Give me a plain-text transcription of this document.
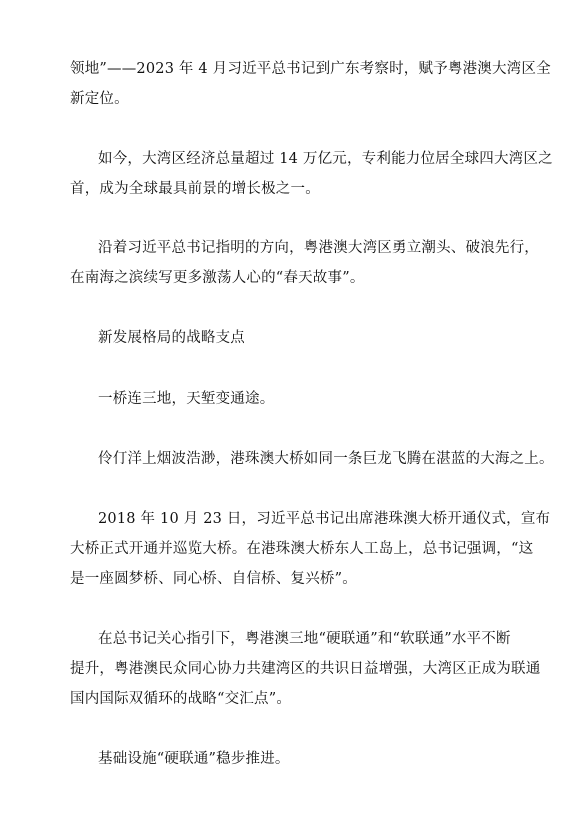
领地”——2023 年 4 月习近平总书记到广东考察时，赋予粤港澳大湾区全
新定位。
如今，大湾区经济总量超过 14 万亿元，专利能力位居全球四大湾区之
首，成为全球最具前景的增长极之一。
沿着习近平总书记指明的方向，粤港澳大湾区勇立潮头、破浪先行，
在南海之滨续写更多激荡人心的“春天故事”。
新发展格局的战略支点
一桥连三地，天堑变通途。
伶仃洋上烟波浩渺，港珠澳大桥如同一条巨龙飞腾在湛蓝的大海之上。
2018 年 10 月 23 日，习近平总书记出席港珠澳大桥开通仪式，宣布
大桥正式开通并巡览大桥。在港珠澳大桥东人工岛上，总书记强调，“这
是一座圆梦桥、同心桥、自信桥、复兴桥”。
在总书记关心指引下，粤港澳三地“硬联通”和“软联通”水平不断
提升，粤港澳民众同心协力共建湾区的共识日益增强，大湾区正成为联通
国内国际双循环的战略“交汇点”。
基础设施“硬联通”稳步推进。
